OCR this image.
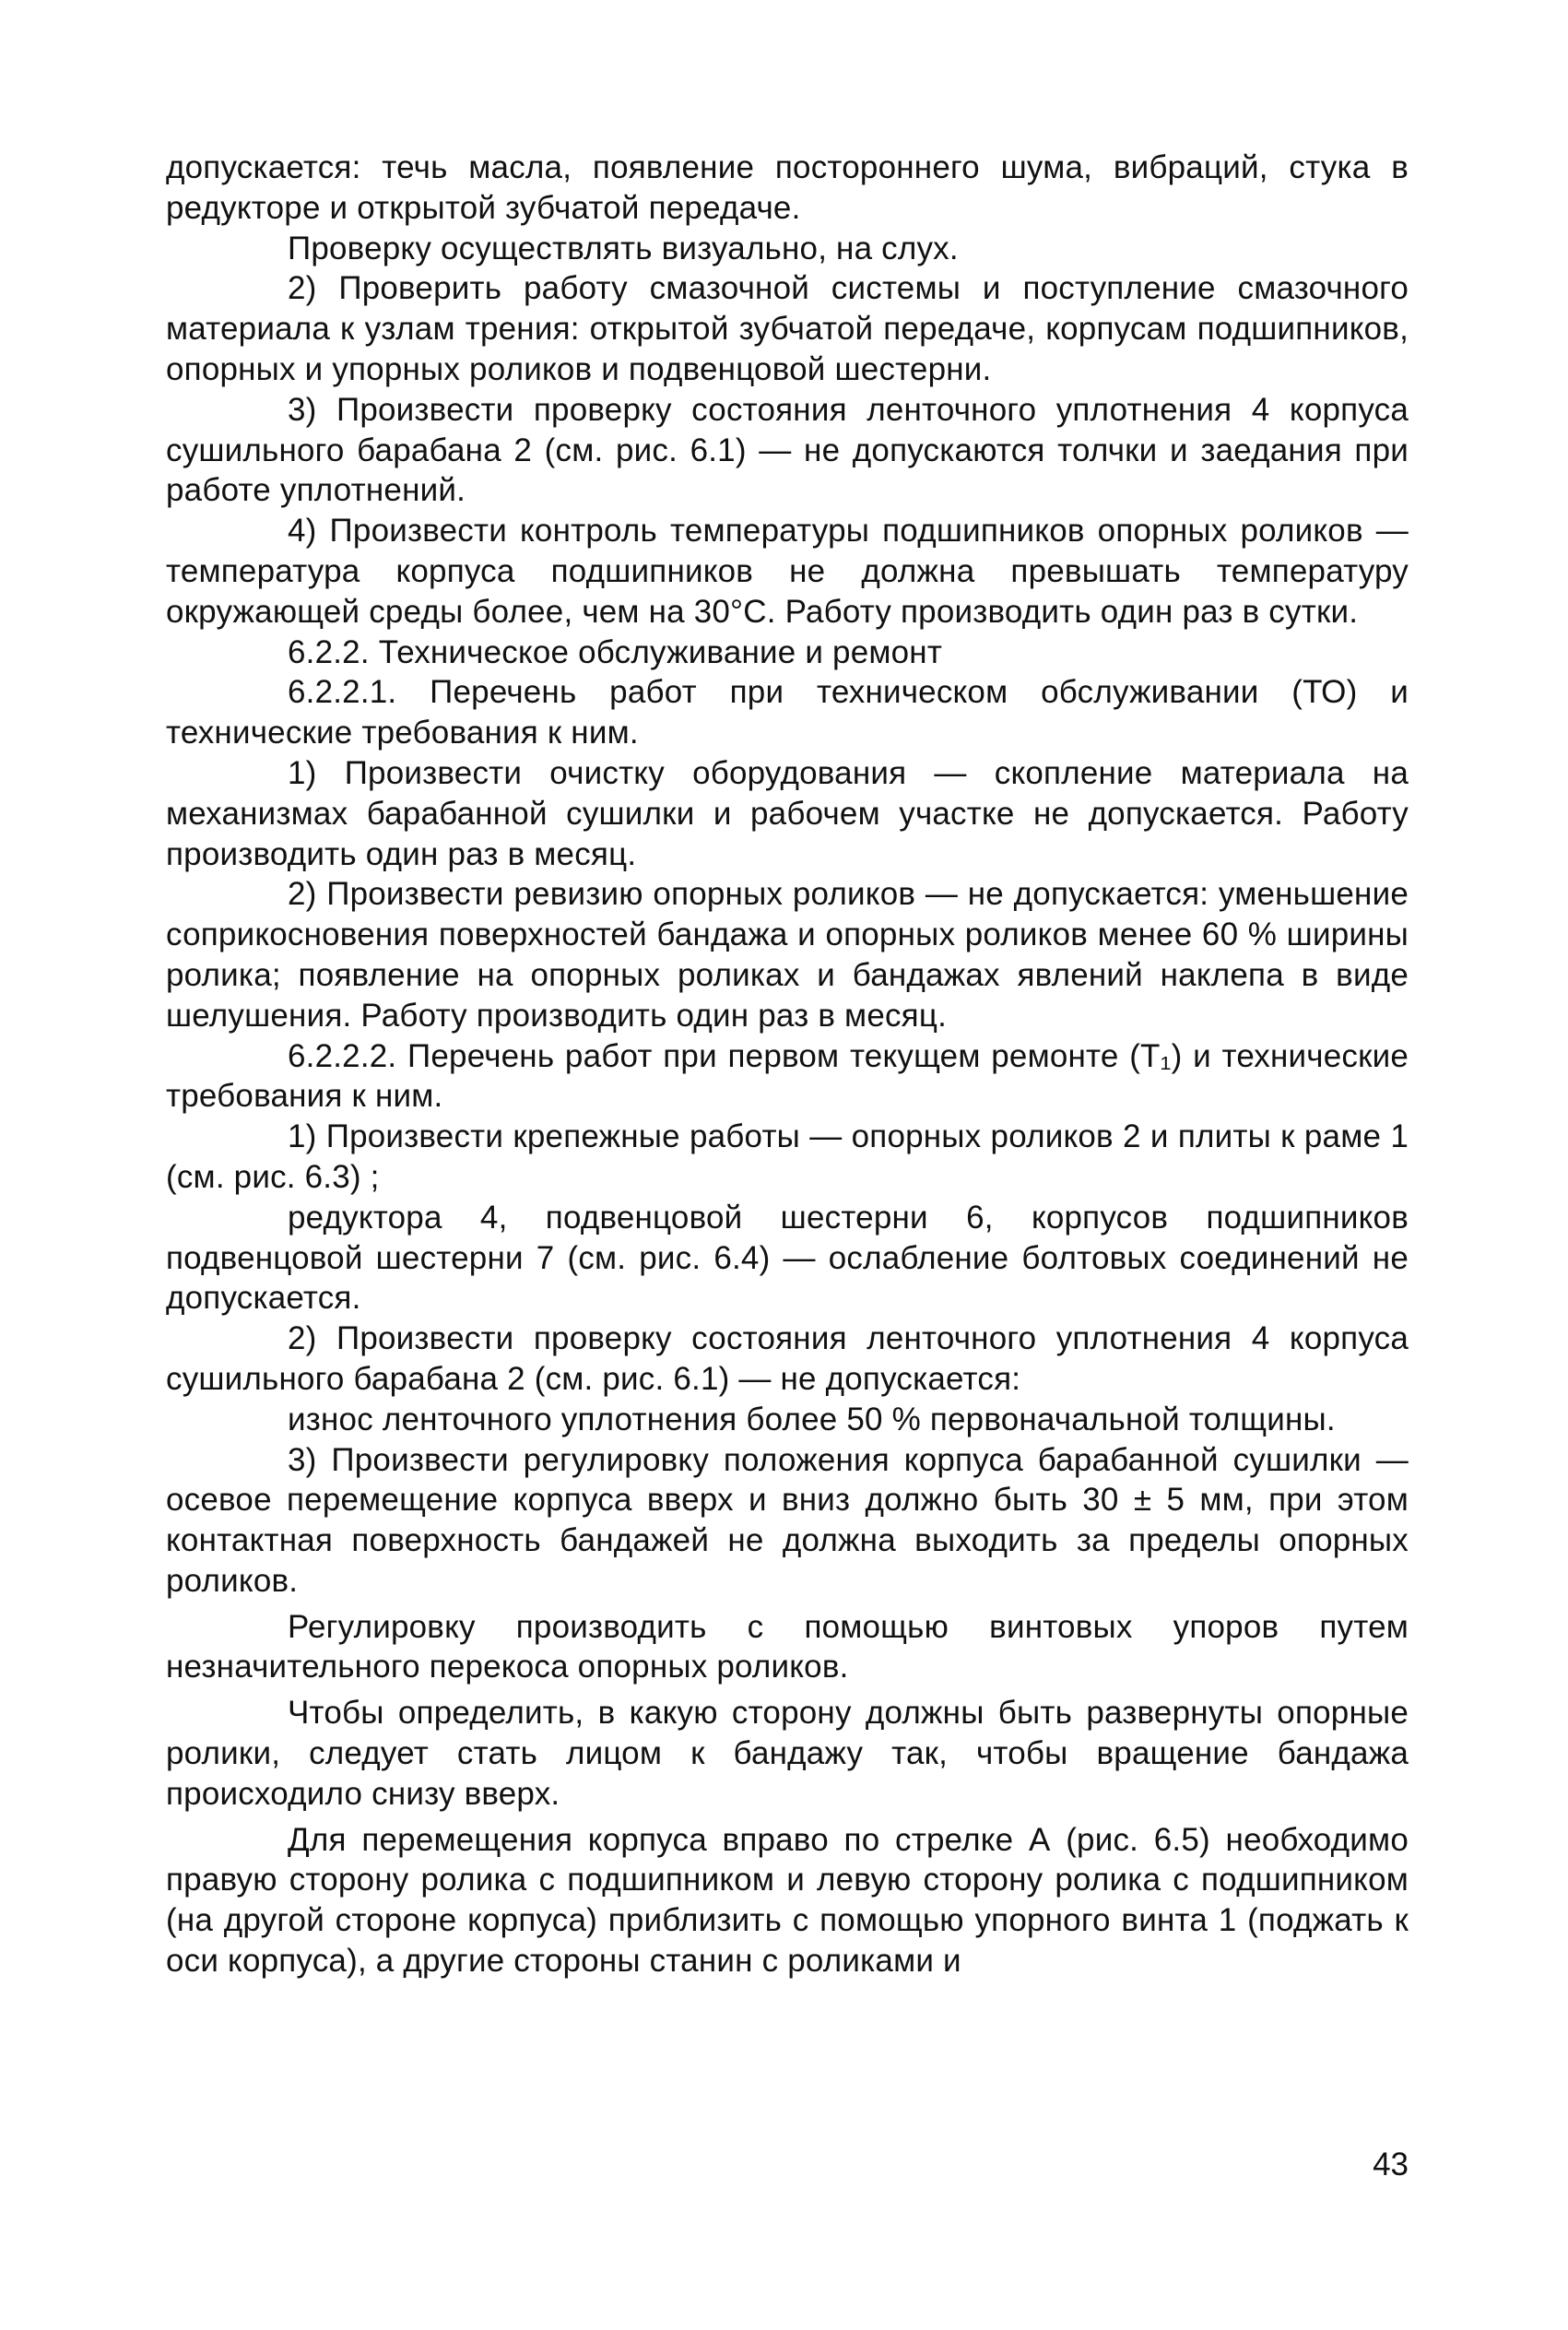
допускается: течь масла, появление постороннего шума, вибраций, стука в редукторе и открытой зубчатой передаче.

Проверку осуществлять визуально, на слух.

2) Проверить работу смазочной системы и поступление смазочного материала к узлам трения: открытой зубчатой передаче, корпусам подшипников, опорных и упорных роликов и подвенцовой шестерни.

3) Произвести проверку состояния ленточного уплотнения 4 корпуса сушильного барабана 2 (см. рис. 6.1) — не допускаются толчки и заедания при работе уплотнений.

4) Произвести контроль температуры подшипников опорных роликов — температура корпуса подшипников не должна превышать температуру окружающей среды более, чем на 30°С. Работу производить один раз в сутки.

6.2.2. Техническое обслуживание и ремонт

6.2.2.1. Перечень работ при техническом обслуживании (ТО) и технические требования к ним.

1) Произвести очистку оборудования — скопление материала на механизмах барабанной сушилки и рабочем участке не допускается. Работу производить один раз в месяц.

2) Произвести ревизию опорных роликов — не допускается: уменьшение соприкосновения поверхностей бандажа и опорных роликов менее 60 % ширины ролика; появление на опорных роликах и бандажах явлений наклепа в виде шелушения. Работу производить один раз в месяц.

6.2.2.2. Перечень работ при первом текущем ремонте (Т₁) и технические требования к ним.

1) Произвести крепежные работы — опорных роликов 2 и плиты к раме 1 (см. рис. 6.3) ;

редуктора 4, подвенцовой шестерни 6, корпусов подшипников подвенцовой шестерни 7 (см. рис. 6.4) — ослабление болтовых соединений не допускается.

2) Произвести проверку состояния ленточного уплотнения 4 корпуса сушильного барабана 2 (см. рис. 6.1) — не допускается:

износ ленточного уплотнения более 50 % первоначальной толщины.

3) Произвести регулировку положения корпуса барабанной сушилки — осевое перемещение корпуса вверх и вниз должно быть 30 ± 5 мм, при этом контактная поверхность бандажей не должна выходить за пределы опорных роликов.

Регулировку производить с помощью винтовых упоров путем незначительного перекоса опорных роликов.

Чтобы определить, в какую сторону должны быть развернуты опорные ролики, следует стать лицом к бандажу так, чтобы вращение бандажа происходило снизу вверх.

Для перемещения корпуса вправо по стрелке А (рис. 6.5) необходимо правую сторону ролика с подшипником и левую сторону ролика с подшипником (на другой стороне корпуса) приблизить с помощью упорного винта 1 (поджать к оси корпуса), а другие стороны станин с роликами и

43
